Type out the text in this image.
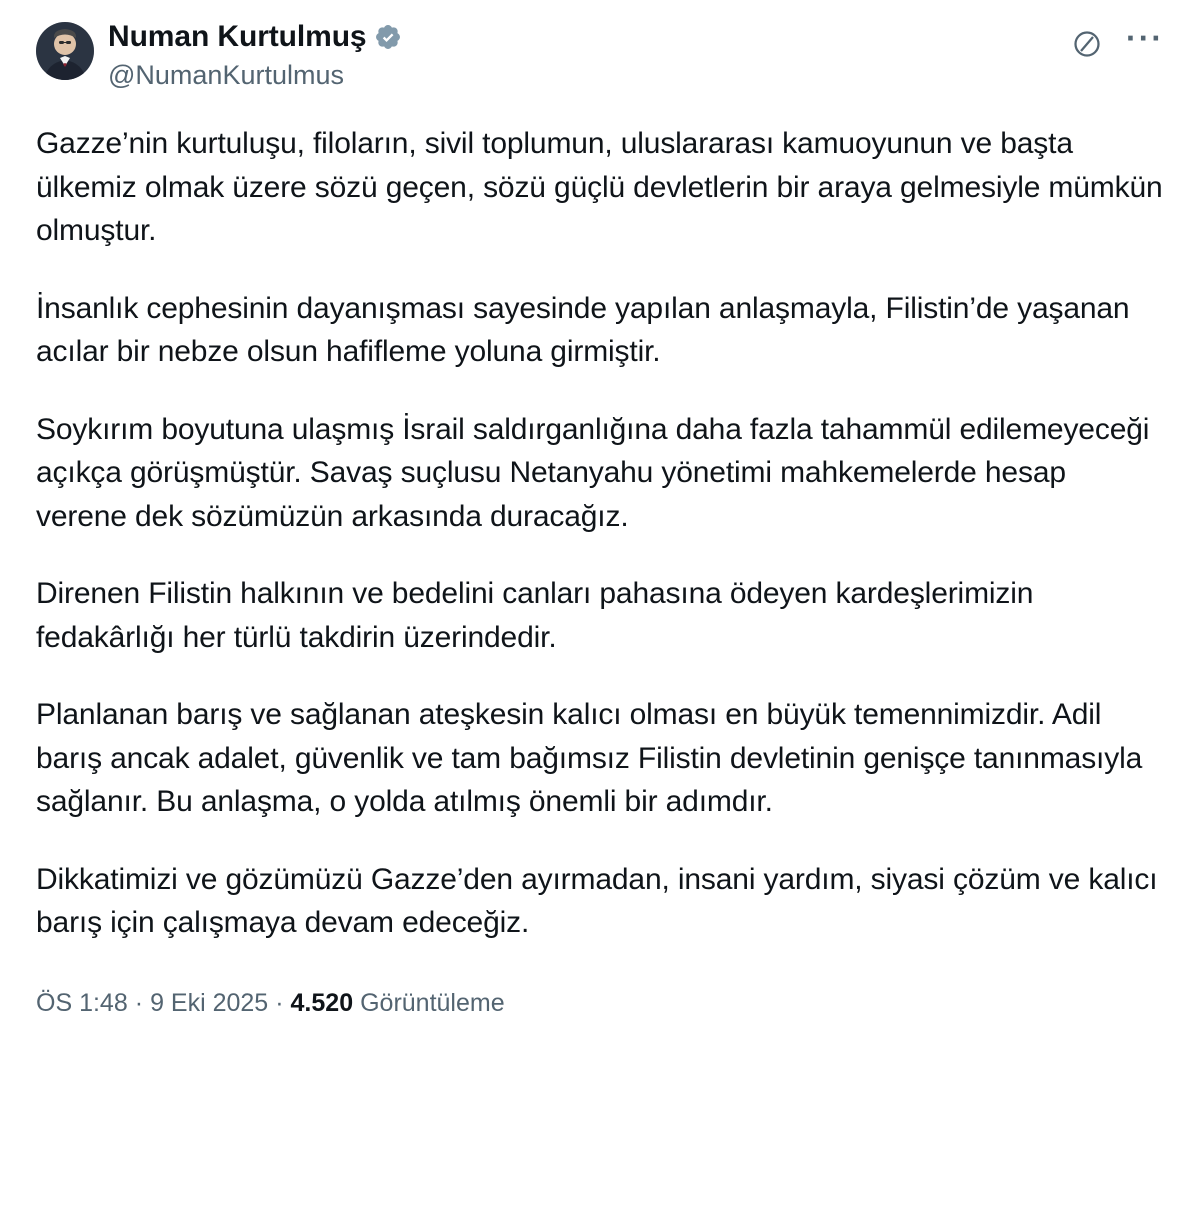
Numan Kurtulmuş
@NumanKurtulmus
···

Gazze’nin kurtuluşu, filoların, sivil toplumun, uluslararası kamuoyunun ve başta ülkemiz olmak üzere sözü geçen, sözü güçlü devletlerin bir araya gelmesiyle mümkün olmuştur.

İnsanlık cephesinin dayanışması sayesinde yapılan anlaşmayla, Filistin’de yaşanan acılar bir nebze olsun hafifleme yoluna girmiştir.

Soykırım boyutuna ulaşmış İsrail saldırganlığına daha fazla tahammül edilemeyeceği açıkça görüşmüştür. Savaş suçlusu Netanyahu yönetimi mahkemelerde hesap verene dek sözümüzün arkasında duracağız.

Direnen Filistin halkının ve bedelini canları pahasına ödeyen kardeşlerimizin fedakârlığı her türlü takdirin üzerindedir.

Planlanan barış ve sağlanan ateşkesin kalıcı olması en büyük temennimizdir. Adil barış ancak adalet, güvenlik ve tam bağımsız Filistin devletinin genişçe tanınmasıyla sağlanır. Bu anlaşma, o yolda atılmış önemli bir adımdır.

Dikkatimizi ve gözümüzü Gazze’den ayırmadan, insani yardım, siyasi çözüm ve kalıcı barış için çalışmaya devam edeceğiz.

ÖS 1:48 · 9 Eki 2025 · 4.520 Görüntüleme
